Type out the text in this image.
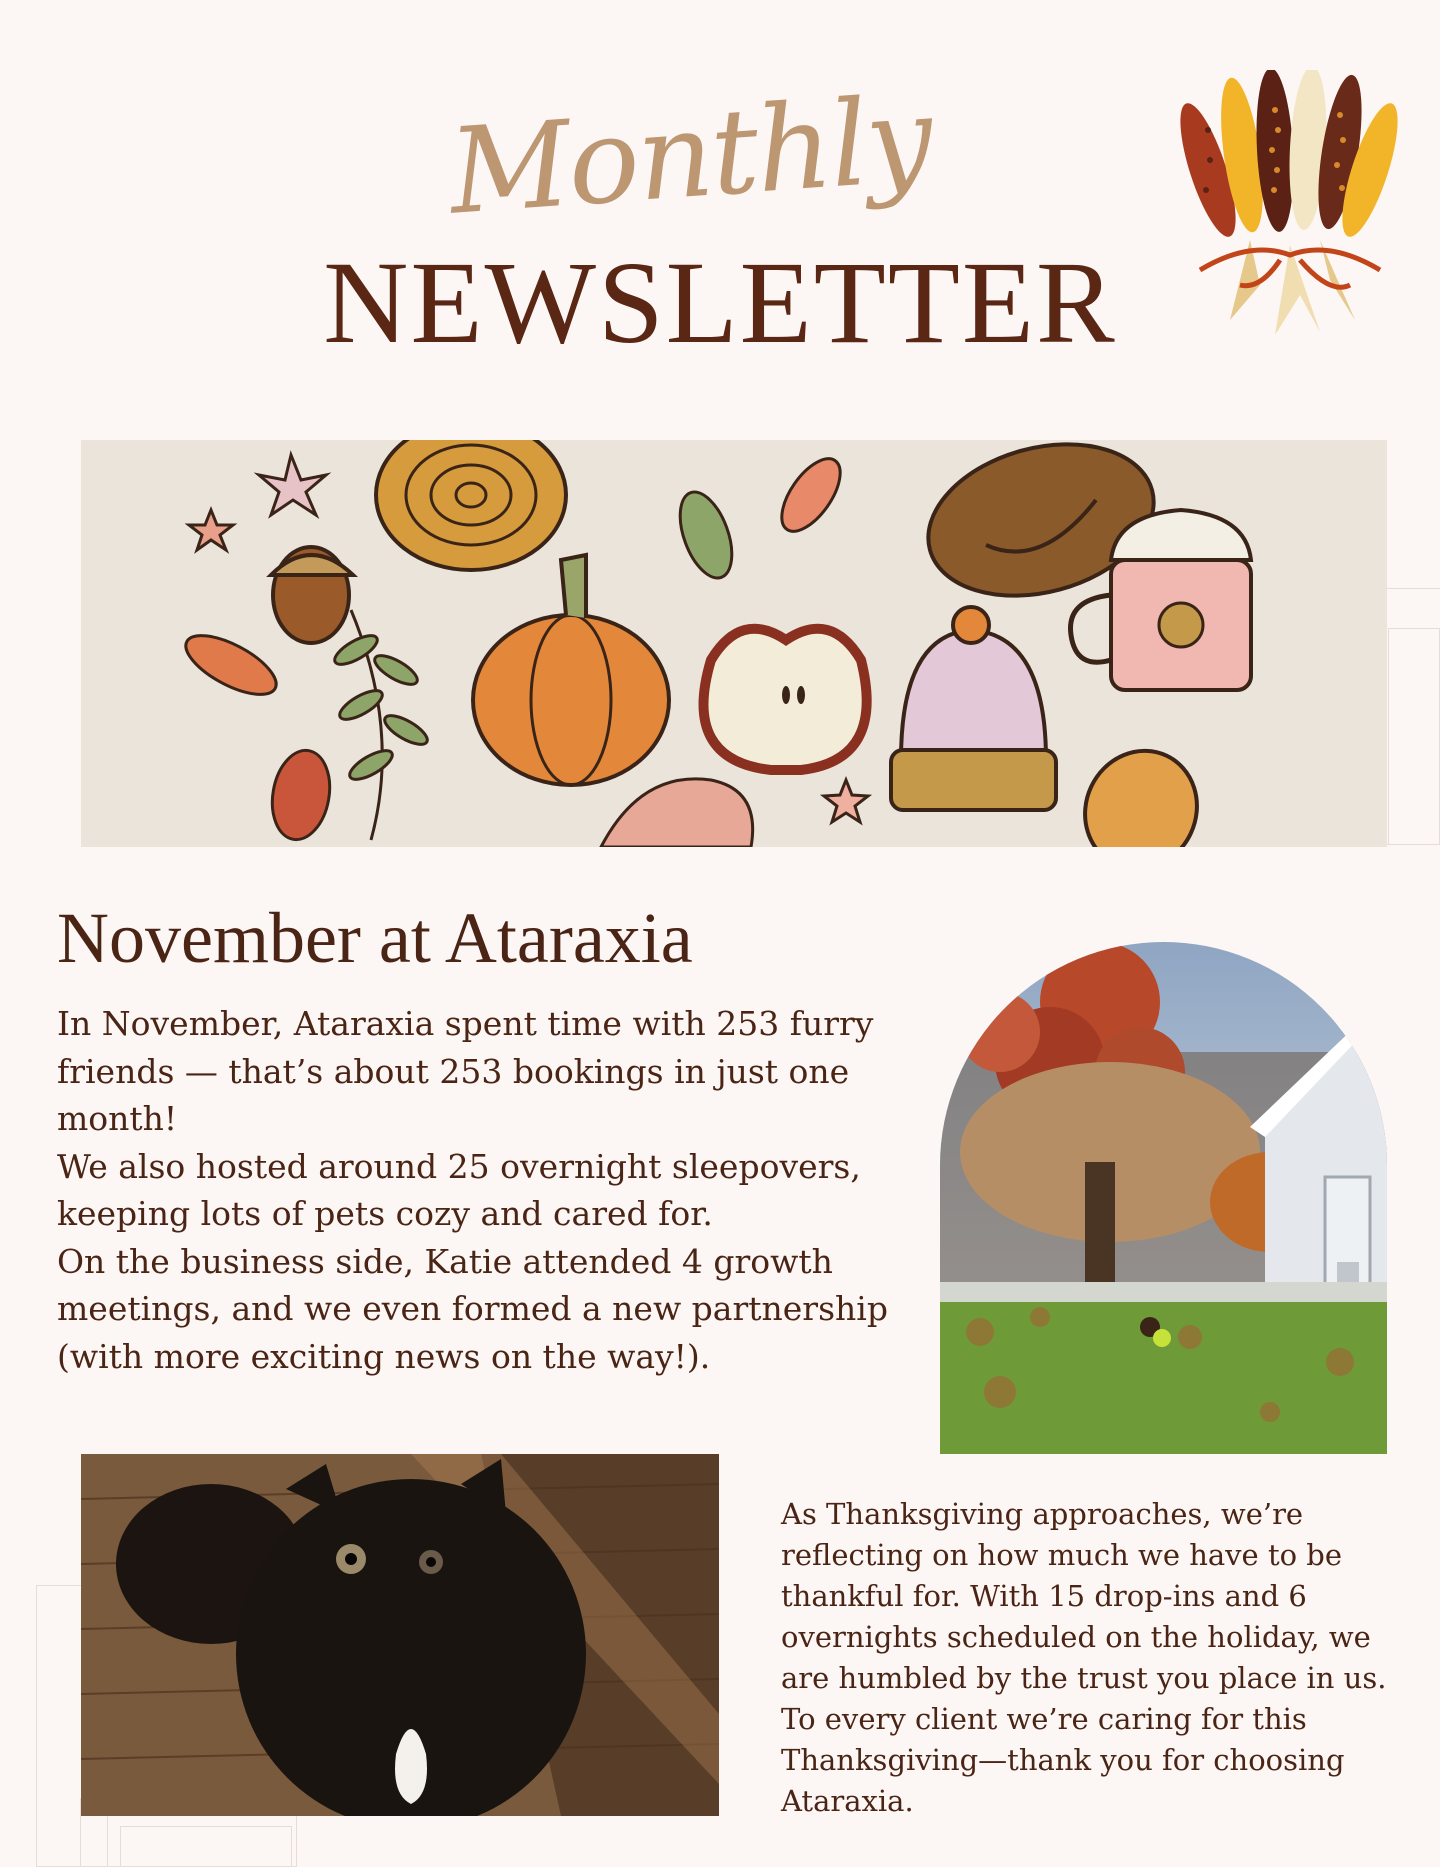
Monthly
NEWSLETTER
November at Ataraxia

In November, Ataraxia spent time with 253 furry friends — that’s about 253 bookings in just one month!

We also hosted around 25 overnight sleepovers, keeping lots of pets cozy and cared for.

On the business side, Katie attended 4 growth meetings, and we even formed a new partnership (with more exciting news on the way!).

As Thanksgiving approaches, we’re reflecting on how much we have to be thankful for. With 15 drop-ins and 6 overnights scheduled on the holiday, we are humbled by the trust you place in us. To every client we’re caring for this Thanksgiving—thank you for choosing Ataraxia.
